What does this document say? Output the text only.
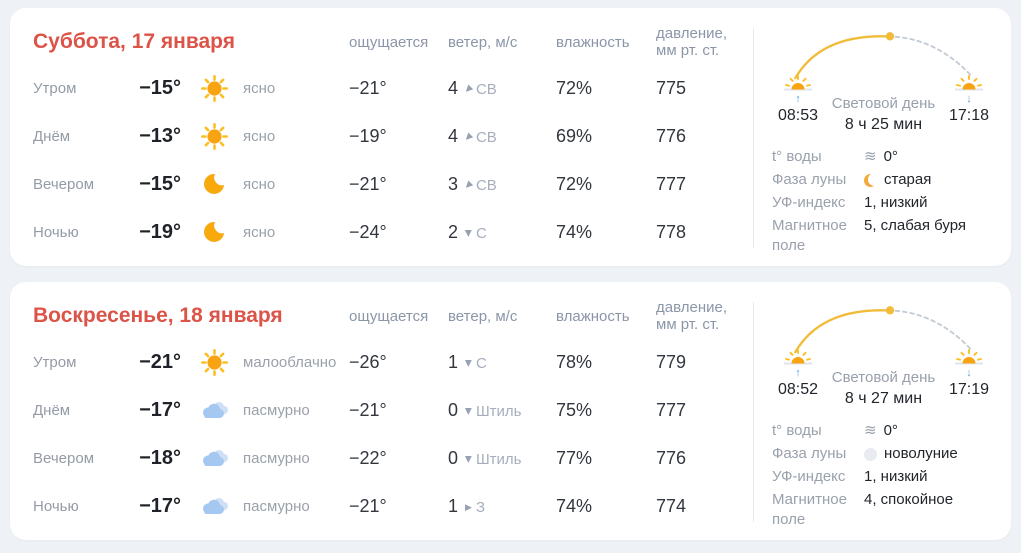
Суббота, 17 января	ощущается	ветер, м/с	влажность	давление,
мм рт. ст.
Утром	−15°	ясно	−21°	4 ▶ СВ	72%	775
Днём	−13°	ясно	−19°	4 ▶ СВ	69%	776
Вечером	−15°	ясно	−21°	3 ▶ СВ	72%	777
Ночью	−19°	ясно	−24°	2 ▶ С	74%	778
↑
08:53
Световой день
8 ч 25 мин
↓
17:18
t° воды ≋	0°
Фаза луны	старая
УФ-индекс	1, низкий
Магнитное поле
5, слабая буря
Воскресенье, 18 января	ощущается	ветер, м/с	влажность	давление,
мм рт. ст.
Утром	−21°	малооблачно −26°	1 ▶ С	78%	779
Днём	−17°	пасмурно	−21°	0 ▶ Штиль	75%	777
Вечером	−18°	пасмурно	−22°	0 ▶ Штиль	77%	776
Ночью	−17°	пасмурно	−21°	1 ▶ З	74%	774
↑
08:52
Световой день
8 ч 27 мин
↓
17:19
t° воды ≋	0°
Фаза луны	новолуние
УФ-индекс	1, низкий
Магнитное поле
4, спокойное
